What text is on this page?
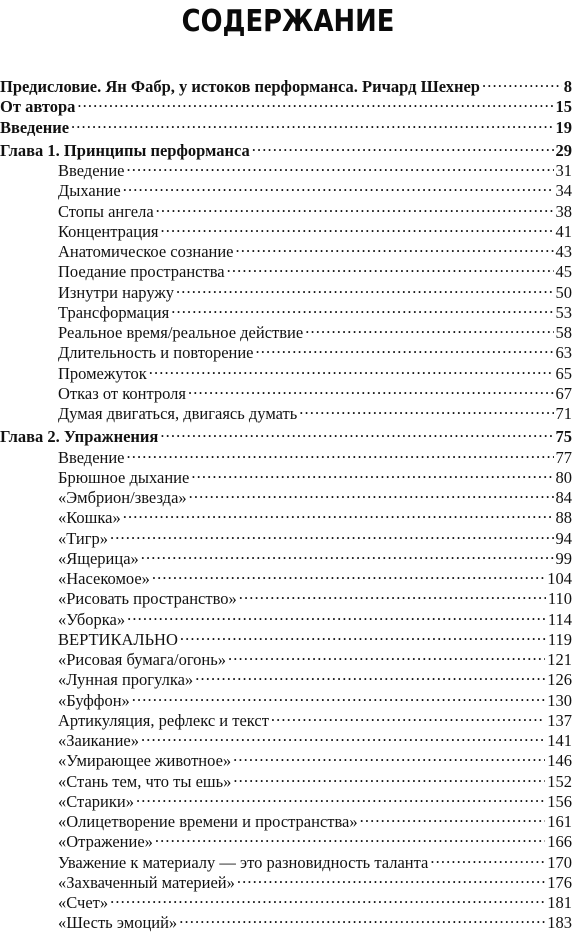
СОДЕРЖАНИЕ
Предисловие. Ян Фабр, у истоков перформанса. Ричард Шехнер . . .	8
От автора . . .	15
Введение . . .	19
Глава 1. Принципы перформанса . . .	29
Введение . . .	31
Дыхание . . .	34
Стопы ангела . . .	38
Концентрация . . .	41
Анатомическое сознание . . .	43
Поедание пространства . . .	45
Изнутри наружу . . .	50
Трансформация . . .	53
Реальное время/реальное действие . . .	58
Длительность и повторение . . .	63
Промежуток . . .	65
Отказ от контроля . . .	67
Думая двигаться, двигаясь думать . . .	71
Глава 2. Упражнения . . .	75
Введение . . .	77
Брюшное дыхание . . .	80
«Эмбрион/звезда» . . .	84
«Кошка» . . .	88
«Тигр» . . .	94
«Ящерица» . . .	99
«Насекомое» . . .	104
«Рисовать пространство» . . .	110
«Уборка» . . .	114
ВЕРТИКАЛЬНО . . .	119
«Рисовая бумага/огонь» . . .	121
«Лунная прогулка» . . .	126
«Буффон» . . .	130
Артикуляция, рефлекс и текст . . .	137
«Заикание» . . .	141
«Умирающее животное» . . .	146
«Стань тем, что ты ешь» . . .	152
«Старики» . . .	156
«Олицетворение времени и пространства» . . .	161
«Отражение» . . .	166
Уважение к материалу — это разновидность таланта . . .	170
«Захваченный материей» . . .	176
«Счет» . . .	181
«Шесть эмоций» . . .	183
